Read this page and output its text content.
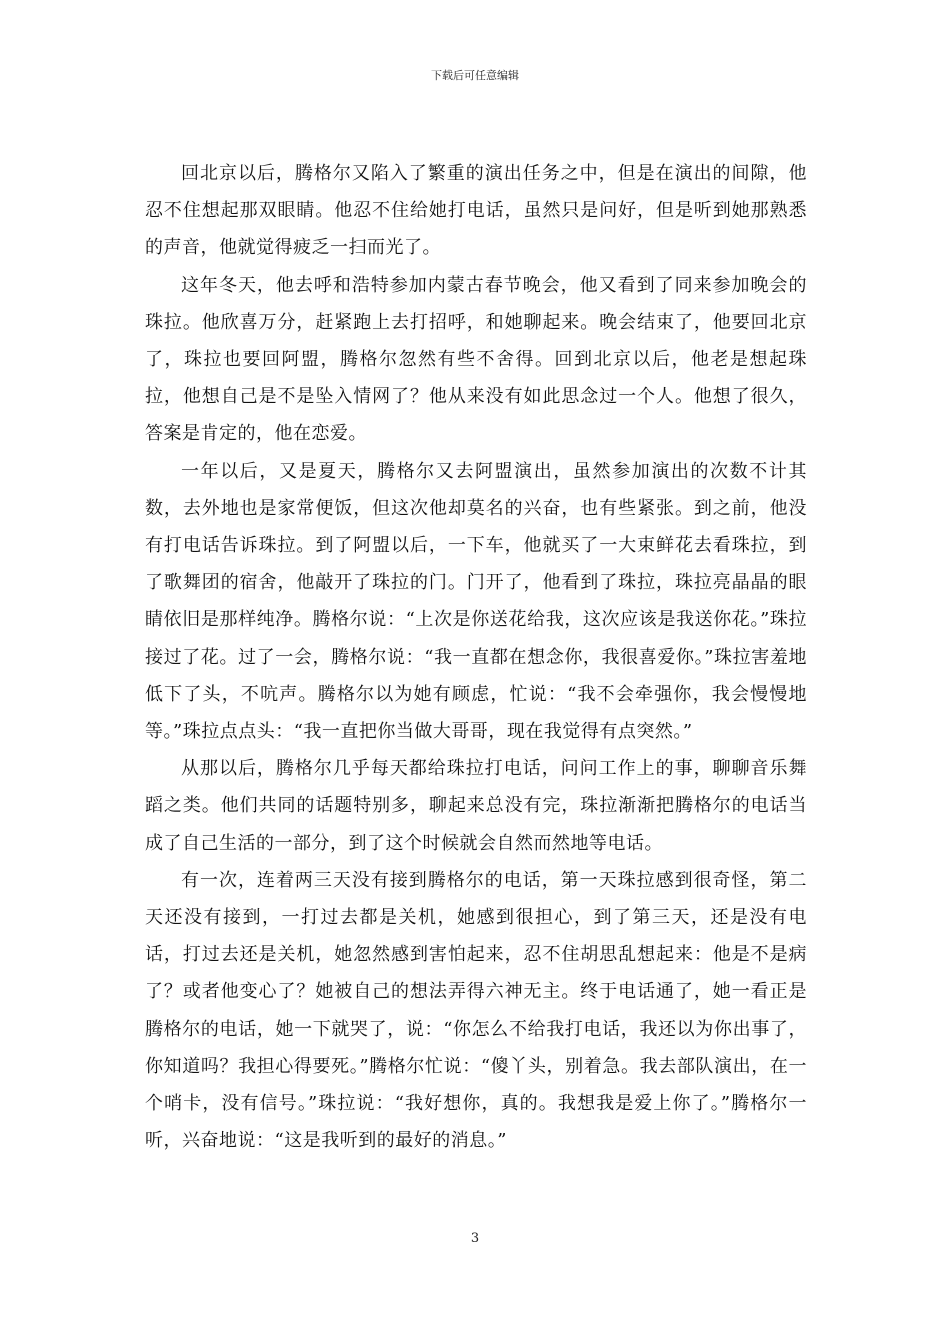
下载后可任意编辑

回北京以后，腾格尔又陷入了繁重的演出任务之中，但是在演出的间隙，他忍不住想起那双眼睛。他忍不住给她打电话，虽然只是问好，但是听到她那熟悉的声音，他就觉得疲乏一扫而光了。

这年冬天，他去呼和浩特参加内蒙古春节晚会，他又看到了同来参加晚会的珠拉。他欣喜万分，赶紧跑上去打招呼，和她聊起来。晚会结束了，他要回北京了，珠拉也要回阿盟，腾格尔忽然有些不舍得。回到北京以后，他老是想起珠拉，他想自己是不是坠入情网了？他从来没有如此思念过一个人。他想了很久，答案是肯定的，他在恋爱。

一年以后，又是夏天，腾格尔又去阿盟演出，虽然参加演出的次数不计其数，去外地也是家常便饭，但这次他却莫名的兴奋，也有些紧张。到之前，他没有打电话告诉珠拉。到了阿盟以后，一下车，他就买了一大束鲜花去看珠拉，到了歌舞团的宿舍，他敲开了珠拉的门。门开了，他看到了珠拉，珠拉亮晶晶的眼睛依旧是那样纯净。腾格尔说：“上次是你送花给我，这次应该是我送你花。”珠拉接过了花。过了一会，腾格尔说：“我一直都在想念你，我很喜爱你。”珠拉害羞地低下了头，不吭声。腾格尔以为她有顾虑，忙说：“我不会牵强你，我会慢慢地等。”珠拉点点头：“我一直把你当做大哥哥，现在我觉得有点突然。”

从那以后，腾格尔几乎每天都给珠拉打电话，问问工作上的事，聊聊音乐舞蹈之类。他们共同的话题特别多，聊起来总没有完，珠拉渐渐把腾格尔的电话当成了自己生活的一部分，到了这个时候就会自然而然地等电话。

有一次，连着两三天没有接到腾格尔的电话，第一天珠拉感到很奇怪，第二天还没有接到，一打过去都是关机，她感到很担心，到了第三天，还是没有电话，打过去还是关机，她忽然感到害怕起来，忍不住胡思乱想起来：他是不是病了？或者他变心了？她被自己的想法弄得六神无主。终于电话通了，她一看正是腾格尔的电话，她一下就哭了，说：“你怎么不给我打电话，我还以为你出事了，你知道吗？我担心得要死。”腾格尔忙说：“傻丫头，别着急。我去部队演出，在一个哨卡，没有信号。”珠拉说：“我好想你，真的。我想我是爱上你了。”腾格尔一听，兴奋地说：“这是我听到的最好的消息。”

3
